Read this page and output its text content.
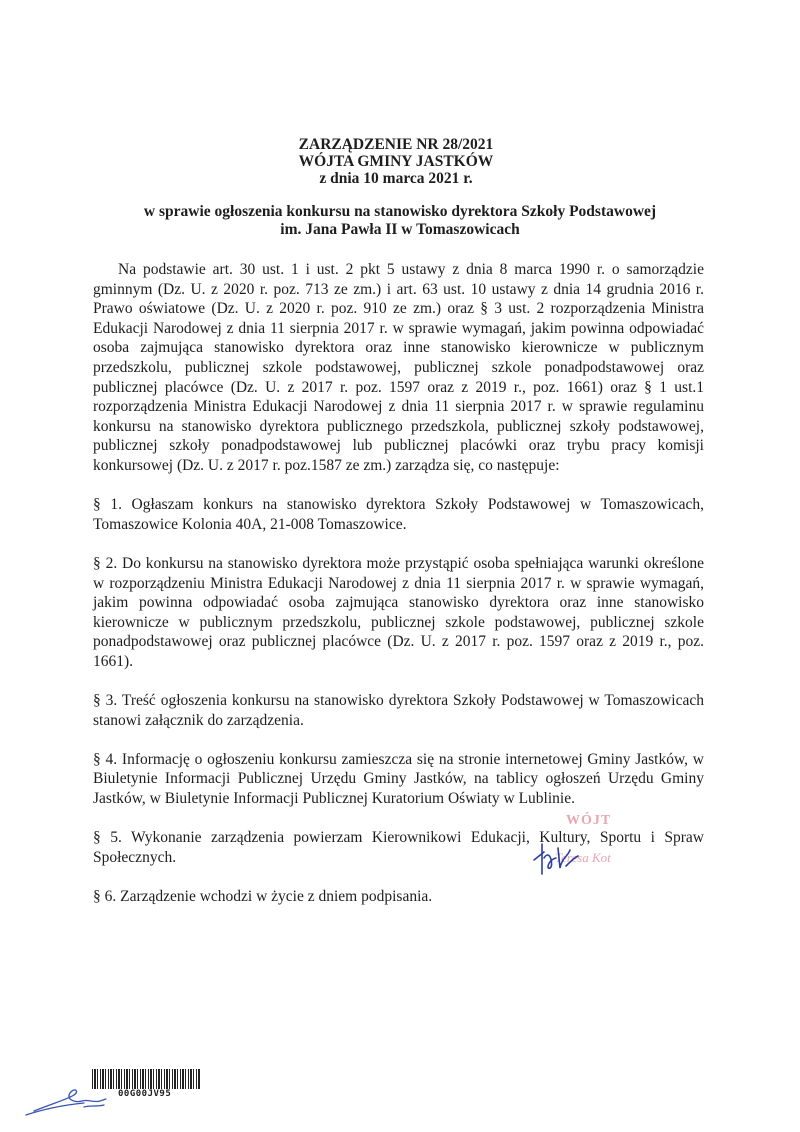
ZARZĄDZENIE NR 28/2021
WÓJTA GMINY JASTKÓW
z dnia 10 marca 2021 r.
w sprawie ogłoszenia konkursu na stanowisko dyrektora Szkoły Podstawowej
im. Jana Pawła II w Tomaszowicach

Na podstawie art. 30 ust. 1 i ust. 2 pkt 5 ustawy z dnia 8 marca 1990 r. o samorządzie gminnym (Dz. U. z 2020 r. poz. 713 ze zm.) i art. 63 ust. 10 ustawy z dnia 14 grudnia 2016 r. Prawo oświatowe (Dz. U. z 2020 r. poz. 910 ze zm.) oraz § 3 ust. 2 rozporządzenia Ministra Edukacji Narodowej z dnia 11 sierpnia 2017 r. w sprawie wymagań, jakim powinna odpowiadać osoba zajmująca stanowisko dyrektora oraz inne stanowisko kierownicze w publicznym przedszkolu, publicznej szkole podstawowej, publicznej szkole ponadpodstawowej oraz publicznej placówce (Dz. U. z 2017 r. poz. 1597 oraz z 2019 r., poz. 1661) oraz § 1 ust.1 rozporządzenia Ministra Edukacji Narodowej z dnia 11 sierpnia 2017 r. w sprawie regulaminu konkursu na stanowisko dyrektora publicznego przedszkola, publicznej szkoły podstawowej, publicznej szkoły ponadpodstawowej lub publicznej placówki oraz trybu pracy komisji konkursowej (Dz. U. z 2017 r. poz.1587 ze zm.) zarządza się, co następuje:

§ 1. Ogłaszam konkurs na stanowisko dyrektora Szkoły Podstawowej w Tomaszowicach, Tomaszowice Kolonia 40A, 21-008 Tomaszowice.

§ 2. Do konkursu na stanowisko dyrektora może przystąpić osoba spełniająca warunki określone w rozporządzeniu Ministra Edukacji Narodowej z dnia 11 sierpnia 2017 r. w sprawie wymagań, jakim powinna odpowiadać osoba zajmująca stanowisko dyrektora oraz inne stanowisko kierownicze w publicznym przedszkolu, publicznej szkole podstawowej, publicznej szkole ponadpodstawowej oraz publicznej placówce (Dz. U. z 2017 r. poz. 1597 oraz z 2019 r., poz. 1661).

§ 3. Treść ogłoszenia konkursu na stanowisko dyrektora Szkoły Podstawowej w Tomaszowicach stanowi załącznik do zarządzenia.

§ 4. Informację o ogłoszeniu konkursu zamieszcza się na stronie internetowej Gminy Jastków, w Biuletynie Informacji Publicznej Urzędu Gminy Jastków, na tablicy ogłoszeń Urzędu Gminy Jastków, w Biuletynie Informacji Publicznej Kuratorium Oświaty w Lublinie.

§ 5. Wykonanie zarządzenia powierzam Kierownikowi Edukacji, Kultury, Sportu i Spraw Społecznych.

§ 6. Zarządzenie wchodzi w życie z dniem podpisania.

WÓJT
Teresa Kot
00G00JV95
